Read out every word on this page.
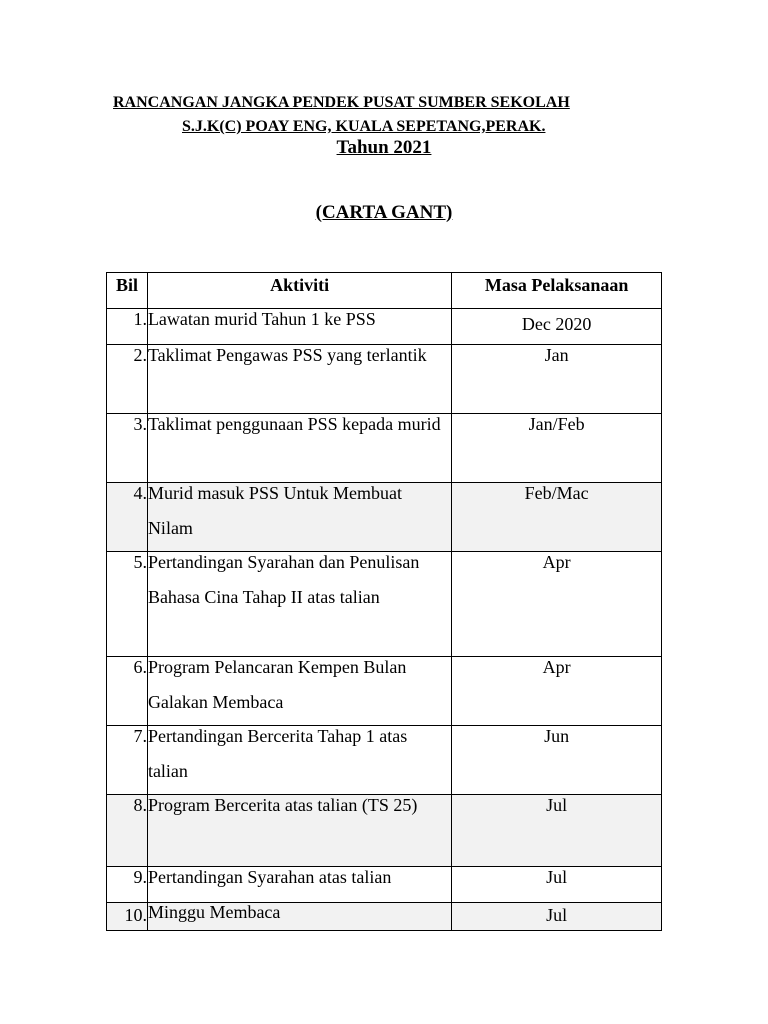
RANCANGAN JANGKA PENDEK PUSAT SUMBER SEKOLAH

S.J.K(C) POAY ENG, KUALA SEPETANG,PERAK.

Tahun 2021

(CARTA GANT)

Bil	Aktiviti	Masa Pelaksanaan
1.	Lawatan murid Tahun 1 ke PSS	Dec 2020
2.	Taklimat Pengawas PSS yang terlantik	Jan
3.	Taklimat penggunaan PSS kepada murid	Jan/Feb
4.	Murid masuk PSS Untuk Membuat Nilam	Feb/Mac
5.	Pertandingan Syarahan dan Penulisan Bahasa Cina Tahap II atas talian	Apr
6.	Program Pelancaran Kempen Bulan Galakan Membaca	Apr
7.	Pertandingan Bercerita Tahap 1 atas talian	Jun
8.	Program Bercerita atas talian (TS 25)	Jul
9.	Pertandingan Syarahan atas talian	Jul
10.	Minggu Membaca	Jul
